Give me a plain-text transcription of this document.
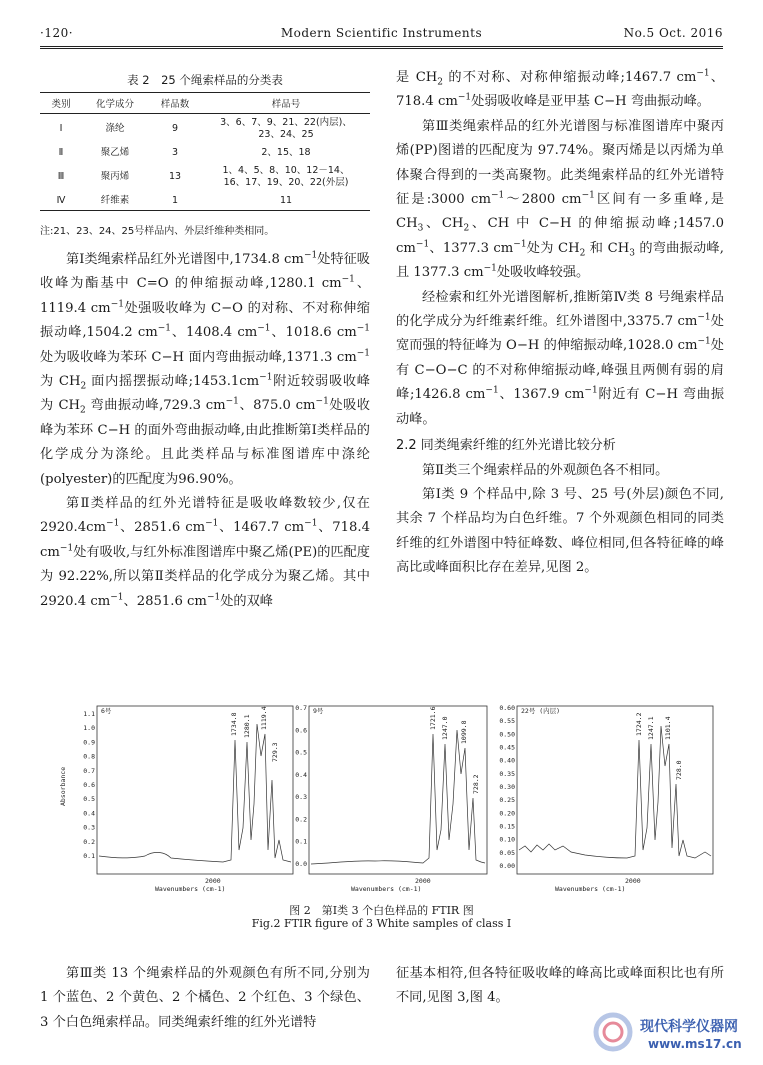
·120·	Modern Scientific Instruments	No.5 Oct. 2016
表 2　25 个绳索样品的分类表
类别	化学成分	样品数	样品号
Ⅰ	涤纶	9	3、6、7、9、21、22(内层)、23、24、25
Ⅱ	聚乙烯	3	2、15、18
Ⅲ	聚丙烯	13	1、4、5、8、10、12－14、16、17、19、20、22(外层)
Ⅳ	纤维素	1	11
注:21、23、24、25号样品内、外层纤维种类相同。

第Ⅰ类绳索样品红外光谱图中,1734.8 $cm^{-1}$处特征吸收峰为酯基中 C=O 的伸缩振动峰,1280.1 $cm^{-1}$、1119.4 $cm^{-1}$处强吸收峰为 C−O 的对称、不对称伸缩振动峰,1504.2 $cm^{-1}$、1408.4 $cm^{-1}$、1018.6 $cm^{-1}$处为吸收峰为苯环 C−H 面内弯曲振动峰,1371.3 $cm^{-1}$为 $CH_2$ 面内摇摆振动峰$;1453.1cm^{-1}$附近较弱吸收峰为 $CH_2$ 弯曲振动峰,729.3 $cm^{-1}$、875.0 $cm^{-1}$处吸收峰为苯环 C−H 的面外弯曲振动峰,由此推断第Ⅰ类样品的化学成分为涤纶。且此类样品与标准图谱库中涤纶(polyester)的匹配度为96.90%。

第Ⅱ类样品的红外光谱特征是吸收峰数较少,仅在 $2920.4cm^{-1}$、2851.6 $cm^{-1}$、1467.7 $cm^{-1}$、718.4 $cm^{-1}$处有吸收,与红外标准图谱库中聚乙烯(PE)的匹配度为 92.22%,所以第Ⅱ类样品的化学成分为聚乙烯。其中 2920.4 $cm^{-1}$、2851.6 $cm^{-1}$处的双峰

是 $CH_2$ 的不对称、对称伸缩振动峰;1467.7 $cm^{-1}$、718.4 $cm^{-1}$处弱吸收峰是亚甲基 C−H 弯曲振动峰。

第Ⅲ类绳索样品的红外光谱图与标准图谱库中聚丙烯(PP)图谱的匹配度为 97.74%。聚丙烯是以丙烯为单体聚合得到的一类高聚物。此类绳索样品的红外光谱特征是:3000 $cm^{-1}\sim 2800$ $cm^{-1}$区间有一多重峰,是 $CH_3$、$CH_2$、CH 中 C−H 的伸缩振动峰;1457.0 $cm^{-1}$、1377.3 $cm^{-1}$处为 $CH_2$ 和 $CH_3$ 的弯曲振动峰,且 1377.3 $cm^{-1}$处吸收峰较强。

经检索和红外光谱图解析,推断第Ⅳ类 8 号绳索样品的化学成分为纤维素纤维。红外谱图中,3375.7 $cm^{-1}$处宽而强的特征峰为 O−H 的伸缩振动峰,1028.0 $cm^{-1}$处有 C−O−C 的不对称伸缩振动峰,峰强且两侧有弱的肩峰;1426.8 $cm^{-1}$、1367.9 $cm^{-1}$附近有 C−H 弯曲振动峰。

2.2 同类绳索纤维的红外光谱比较分析

第Ⅱ类三个绳索样品的外观颜色各不相同。

第Ⅰ类 9 个样品中,除 3 号、25 号(外层)颜色不同,其余 7 个样品均为白色纤维。7 个外观颜色相同的同类纤维的红外谱图中特征峰数、峰位相同,但各特征峰的峰高比或峰面积比存在差异,见图 2。

Absorbance
1.1
1.0
0.9
0.8
0.7
0.6
0.5
0.4
0.3
0.2
0.1
6号
1734.8 1280.1 1119.4
729.3
2000
Wavenumbers (cm-1)
0.7
0.6
0.5
0.4
0.3
0.2
0.1
0.0
9号	1721.6 1247.0 1099.8
728.2
2000
Wavenumbers (cm-1)
0.60
0.55
0.50
0.45
0.40
0.35
0.30
0.25
0.20
0.15
0.10
0.05
0.00
22号 (内层)
1724.2 1247.1 1101.4
728.0
2000
Wavenumbers (cm-1)
图 2　第Ⅰ类 3 个白色样品的 FTIR 图
Fig.2 FTIR figure of 3 White samples of class I

第Ⅲ类 13 个绳索样品的外观颜色有所不同,分别为 1 个蓝色、2 个黄色、2 个橘色、2 个红色、3 个绿色、3 个白色绳索样品。同类绳索纤维的红外光谱特

征基本相符,但各特征吸收峰的峰高比或峰面积比也有所不同,见图 3,图 4。

现代科学仪器网
www.ms17.cn
